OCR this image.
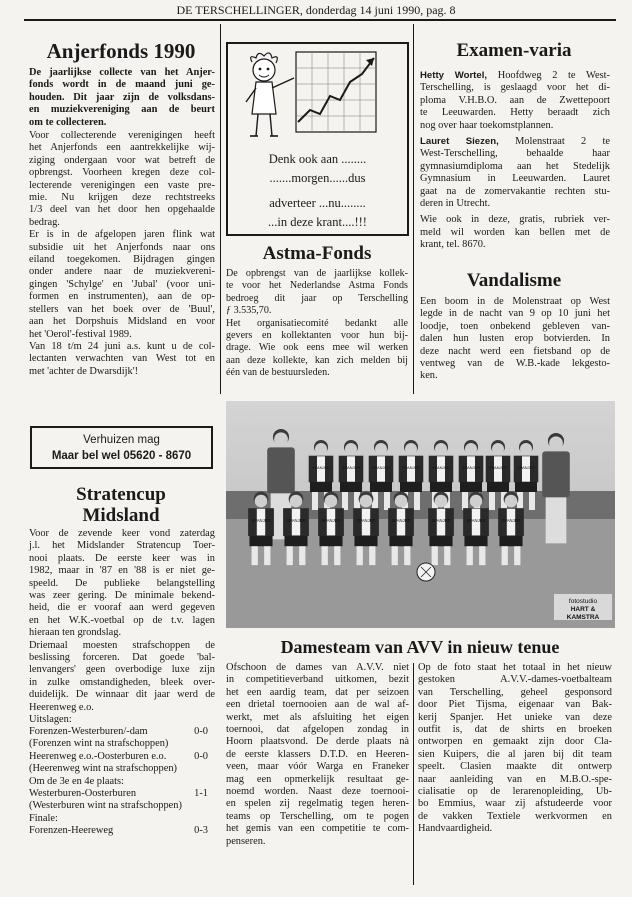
DE TERSCHELLINGER, donderdag 14 juni 1990, pag. 8
Anjerfonds 1990
De jaarlijkse collecte van het Anjer-
fonds wordt in de maand juni ge-
houden. Dit jaar zijn de volksdans-
en muziekvereniging aan de beurt
om te collecteren.
Voor collecterende verenigingen heeft
het Anjerfonds een aantrekkelijke wij-
ziging ondergaan voor wat betreft de
opbrengst. Voorheen kregen deze col-
lecterende verenigingen een vaste pre-
mie. Nu krijgen deze rechtstreeks
1/3 deel van het door hen opgehaalde
bedrag.
Er is in de afgelopen jaren flink wat
subsidie uit het Anjerfonds naar ons
eiland toegekomen. Bijdragen gingen
onder andere naar de muziekvereni-
gingen 'Schylge' en 'Jubal' (voor uni-
formen en instrumenten), aan de op-
stellers van het boek over de 'Buul',
aan het Dorpshuis Midsland en voor
het 'Oerol'-festival 1989.
Van 18 t/m 24 juni a.s. kunt u de col-
lectanten verwachten van West tot en
met 'achter de Dwarsdijk'!
Verhuizen mag
Maar bel wel 05620 - 8670
Stratencup
Midsland
Voor de zevende keer vond zaterdag
j.l. het Midslander Stratencup Toer-
nooi plaats. De eerste keer was in
1982, maar in '87 en '88 is er niet ge-
speeld. De publieke belangstelling
was zeer gering. De minimale bekend-
heid, die er vooraf aan werd gegeven
en het W.K.-voetbal op de t.v. lagen
hieraan ten grondslag.
Driemaal moesten strafschoppen de
beslissing forceren. Dat goede 'bal-
lenvangers' geen overbodige luxe zijn
in zulke omstandigheden, bleek over-
duidelijk. De winnaar dit jaar werd de
Heerenweg e.o.
Uitslagen:
Forenzen-Westerburen/-dam	0-0
(Forenzen wint na strafschoppen)
Heerenweg e.o.-Oosterburen e.o.	0-0
(Heerenweg wint na strafschoppen)
Om de 3e en 4e plaats:
Westerburen-Oosterburen	1-1
(Westerburen wint na strafschoppen)
Finale:
Forenzen-Heereweg	0-3
Denk ook aan ........
.......morgen......dus
adverteer ...nu........
...in deze krant....!!!
Astma-Fonds
De opbrengst van de jaarlijkse kollek-
te voor het Nederlandse Astma Fonds
bedroeg dit jaar op Terschelling
ƒ 3.535,70.
Het organisatiecomité bedankt alle
gevers en kollektanten voor hun bij-
drage. Wie ook eens mee wil werken
aan deze kollekte, kan zich melden bij
één van de bestuursleden.
Examen-varia
Hetty Wortel, Hoofdweg 2 te West-
Terschelling, is geslaagd voor het di-
ploma V.H.B.O. aan de Zwettepoort
te Leeuwarden. Hetty beraadt zich
nog over haar toekomstplannen.
Lauret Siezen, Molenstraat 2 te
West-Terschelling, behaalde haar
gymnasiumdiploma aan het Stedelijk
Gymnasium in Leeuwarden. Lauret
gaat na de zomervakantie rechten stu-
deren in Utrecht.
Wie ook in deze, gratis, rubriek ver-
meld wil worden kan bellen met de
krant, tel. 8670.
Vandalisme
Een boom in de Molenstraat op West
legde in de nacht van 9 op 10 juni het
loodje, toen onbekend gebleven van-
dalen hun lusten erop botvierden. In
deze nacht werd een fietsband op de
ventweg van de W.B.-kade lekgesto-
ken.
SPANJER	SPANJER	SPANJER	SPANJER	SPANJER	SPANJER SPANJER SPANJER
SPANJER	SPANJER	SPANJER	SPANJER	SPANJER	SPANJER	SPANJER	SPANJER
fotostudio
HART & KAMSTRA
Damesteam van AVV in nieuw tenue
Ofschoon de dames van A.V.V. niet
in competitieverband uitkomen, bezit
het een aardig team, dat per seizoen
een drietal toernooien aan de wal af-
werkt, met als afsluiting het eigen
toernooi, dat afgelopen zondag in
Hoorn plaatsvond. De derde plaats nà
de eerste klassers D.T.D. en Heeren-
veen, maar vóór Warga en Franeker
mag een opmerkelijk resultaat ge-
noemd worden. Naast deze toernooi-
en spelen zij regelmatig tegen heren-
teams op Terschelling, om te pogen
het gemis van een competitie te com-
penseren.
Op de foto staat het totaal in het nieuw
gestoken A.V.V.-dames-voetbalteam
van Terschelling, geheel gesponsord
door Piet Tijsma, eigenaar van Bak-
kerij Spanjer. Het unieke van deze
outfit is, dat de shirts en broeken
ontworpen en gemaakt zijn door Cla-
sien Kuipers, die al jaren bij dit team
speelt. Clasien maakte dit ontwerp
naar aanleiding van en M.B.O.-spe-
cialisatie op de lerarenopleiding, Ub-
bo Emmius, waar zij afstudeerde voor
de vakken Textiele werkvormen en
Handvaardigheid.
